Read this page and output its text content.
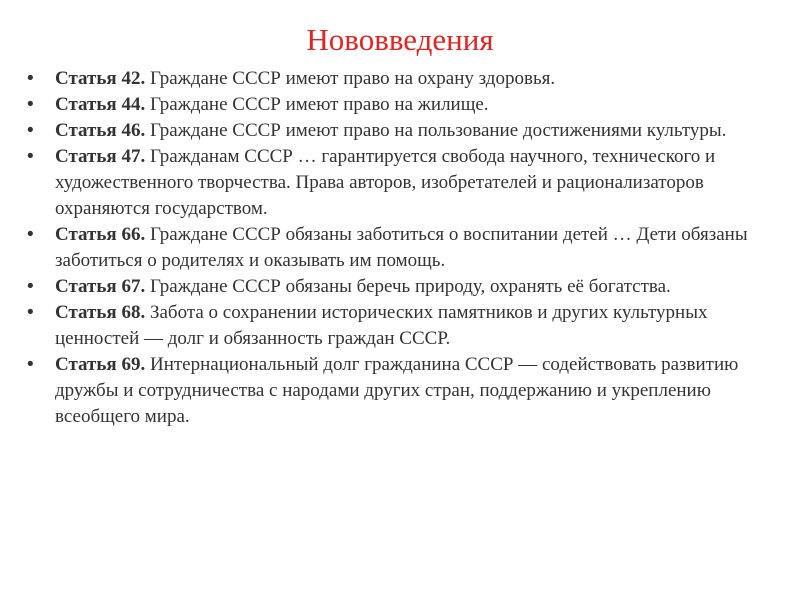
Нововведения
•	Статья 42. Граждане СССР имеют право на охрану здоровья.
•	Статья 44. Граждане СССР имеют право на жилище.
•	Статья 46. Граждане СССР имеют право на пользование достижениями культуры.
•	Статья 47. Гражданам СССР … гарантируется свобода научного, технического и художественного творчества. Права авторов, изобретателей и рационализаторов охраняются государством.
•	Статья 66. Граждане СССР обязаны заботиться о воспитании детей … Дети обязаны заботиться о родителях и оказывать им помощь.
•	Статья 67. Граждане СССР обязаны беречь природу, охранять её богатства.
•	Статья 68. Забота о сохранении исторических памятников и других культурных ценностей — долг и обязанность граждан СССР.
•	Статья 69. Интернациональный долг гражданина СССР — содействовать развитию дружбы и сотрудничества с народами других стран, поддержанию и укреплению всеобщего мира.
